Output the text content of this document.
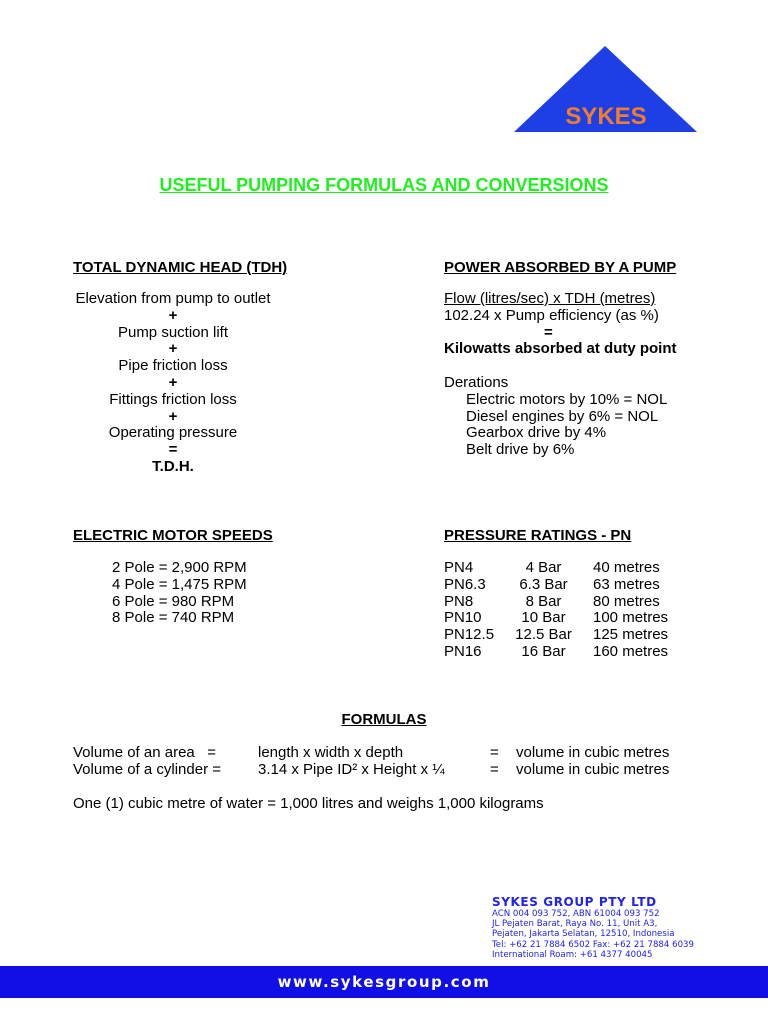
SYKES
USEFUL PUMPING FORMULAS AND CONVERSIONS
TOTAL DYNAMIC HEAD (TDH)
Elevation from pump to outlet
+
Pump suction lift
+
Pipe friction loss
+
Fittings friction loss
+
Operating pressure
=
T.D.H.
POWER ABSORBED BY A PUMP
Flow (litres/sec) x TDH (metres)
102.24 x Pump efficiency (as %)
=
Kilowatts absorbed at duty point
Derations
Electric motors by 10% = NOL
Diesel engines by 6% = NOL
Gearbox drive by 4%
Belt drive by 6%
ELECTRIC MOTOR SPEEDS
2 Pole = 2,900 RPM
4 Pole = 1,475 RPM
6 Pole = 980 RPM
8 Pole = 740 RPM
PRESSURE RATINGS - PN
PN4	4 Bar	40 metres
PN6.3	6.3 Bar	63 metres
PN8	8 Bar	80 metres
PN10	10 Bar	100 metres
PN12.5	12.5 Bar	125 metres
PN16	16 Bar	160 metres
FORMULAS
Volume of an area   =	length x width x depth	=	volume in cubic metres
Volume of a cylinder =	3.14 x Pipe ID² x Height x ¼	=	volume in cubic metres
One (1) cubic metre of water = 1,000 litres and weighs 1,000 kilograms
SYKES GROUP PTY LTD
ACN 004 093 752, ABN 61004 093 752
JL Pejaten Barat, Raya No. 11, Unit A3,
Pejaten, Jakarta Selatan, 12510, Indonesia
Tel: +62 21 7884 6502 Fax: +62 21 7884 6039
International Roam: +61 4377 40045
www.sykesgroup.com
